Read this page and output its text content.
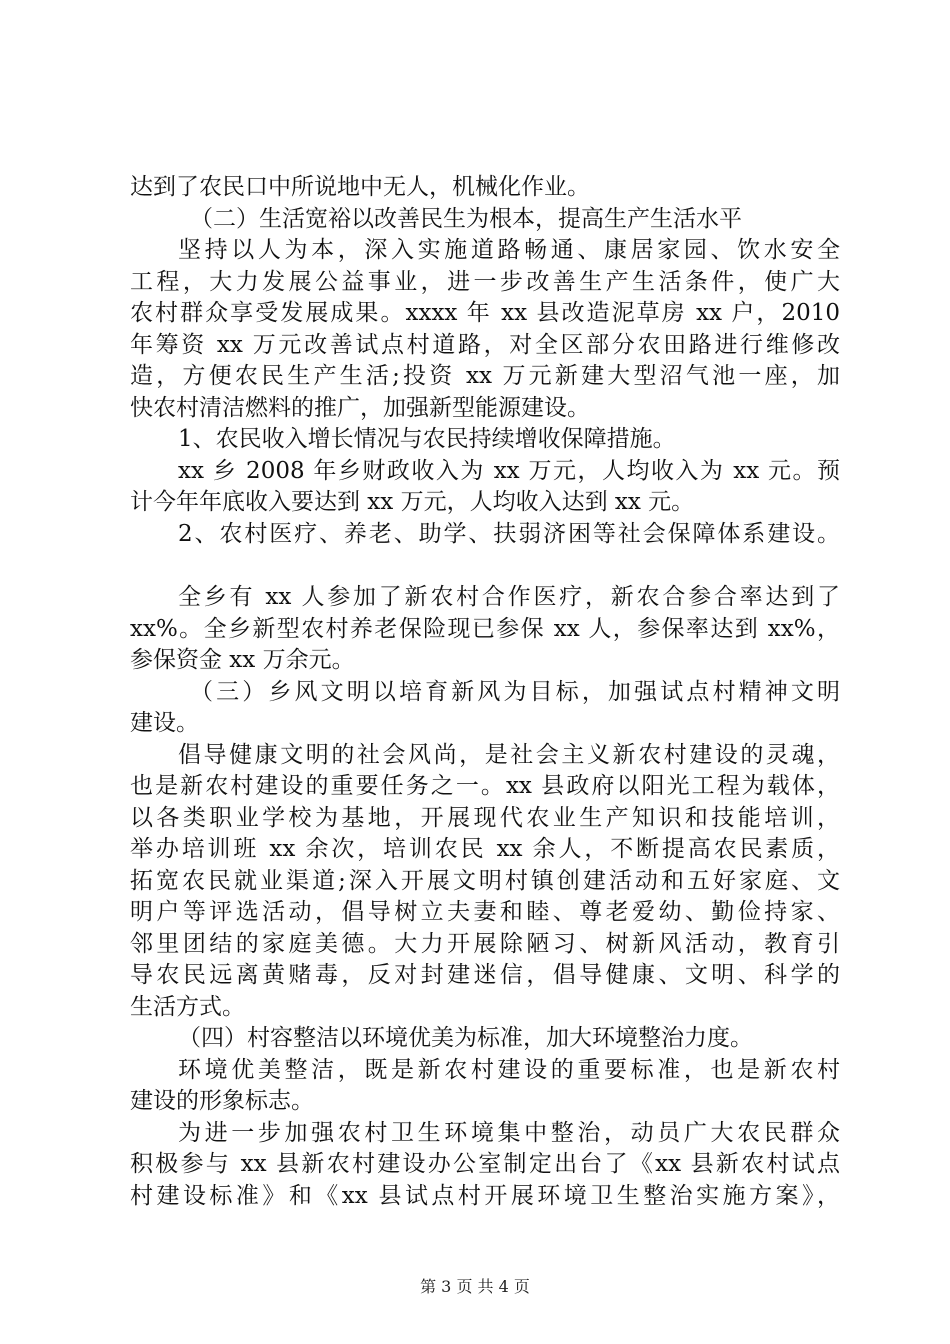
达到了农民口中所说地中无人，机械化作业。
（二）生活宽裕以改善民生为根本，提高生产生活水平
坚持以人为本，深入实施道路畅通、康居家园、饮水安全
工程，大力发展公益事业，进一步改善生产生活条件，使广大
农村群众享受发展成果。xxxx 年 xx 县改造泥草房 xx 户，2010
年筹资 xx 万元改善试点村道路，对全区部分农田路进行维修改
造，方便农民生产生活;投资 xx 万元新建大型沼气池一座，加
快农村清洁燃料的推广，加强新型能源建设。
1、农民收入增长情况与农民持续增收保障措施。
xx 乡 2008 年乡财政收入为 xx 万元，人均收入为 xx 元。预
计今年年底收入要达到 xx 万元，人均收入达到 xx 元。
2、农村医疗、养老、助学、扶弱济困等社会保障体系建设。
全乡有 xx 人参加了新农村合作医疗，新农合参合率达到了
xx%。全乡新型农村养老保险现已参保 xx 人，参保率达到 xx%，
参保资金 xx 万余元。
（三）乡风文明以培育新风为目标，加强试点村精神文明
建设。
倡导健康文明的社会风尚，是社会主义新农村建设的灵魂，
也是新农村建设的重要任务之一。xx 县政府以阳光工程为载体，
以各类职业学校为基地，开展现代农业生产知识和技能培训，
举办培训班 xx 余次，培训农民 xx 余人，不断提高农民素质，
拓宽农民就业渠道;深入开展文明村镇创建活动和五好家庭、文
明户等评选活动，倡导树立夫妻和睦、尊老爱幼、勤俭持家、
邻里团结的家庭美德。大力开展除陋习、树新风活动，教育引
导农民远离黄赌毒，反对封建迷信，倡导健康、文明、科学的
生活方式。
（四）村容整洁以环境优美为标准，加大环境整治力度。
环境优美整洁，既是新农村建设的重要标准，也是新农村
建设的形象标志。
为进一步加强农村卫生环境集中整治，动员广大农民群众
积极参与 xx 县新农村建设办公室制定出台了《xx 县新农村试点
村建设标准》和《xx 县试点村开展环境卫生整治实施方案》，
第 3 页 共 4 页
